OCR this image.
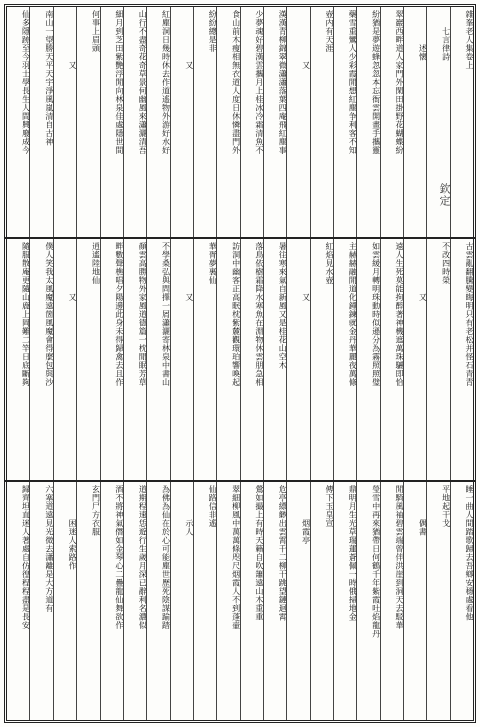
雜峯老人集卷上
七言律詩
述懷
翠巖西畔道人家門外閑田掛野花蝴蝶紛
紛猶是夢遊蜂忽忽本忘衙雲開畫手攜靈
藥雪重鸞人少彩霞閒想紅塵争利客不知
壺内有天涯
又
漢漢青柳錦翠微瀟瀟落葉四庵飛紅塵事
少夢魂好碧漢雲攜月上桂冰冷霜清魚不
食山前木瘦相無衣道人度日休憐盡門外
紛紛總是非
又
紅塵洞日幾時休去作道遙物外游好水好
山行不盡奇花奇草景何幽風來瀟灑清吾
細月到芝田紫艷浮閒向林泉佳處隱世間
何事上眉頭
又
南山一望勝天平天宇淨風嵐清自古神
仙多隱跡至今羽士學長生人間興廢成今
古雲亂翻騰變晦明只有老松并怪石青青
不改四時榮
又
遠人生死莫能拘醉著神機遮萬珠驪即恰
如雲緩月轉明珠動時似遜分為霧照照璧
主赫赫融閒道化鐘鍊就金丹華麗夜萬條
紅焰見水壺
又
暑往寒來氣自新風又是桂花山空木
落鳥依樹霜降水寒魚在淵物休雲朋急相
訪洞中幽客正高眠枕紫麓觀環珀響喚起
華胥夢裏仙
又
不學桑弘與問擇一屑瀟灑寄林泉中書山
顏雲高勝物外家風道德篇一枕閒眠芳草
畔數聲樵唱夕陽邊此身未得歸禽去且作
逍遙陸地仙
又
僕人笑我太風魔遠箇風魔會得麼包與沙
隨服散庵更隨山鹿上岡難二竿日底斷夠
睡一曲人間踏歌歸去吾鄉安穩處看他
平地起干戈
偶書
閒騎風袖碧雲端曾伴洪崖到洞天去駁華
瑩雪中再來猶帶日何鶴千年紫霞吐焰龍丹
鼎明月生光草瑞蓮蒼佩一時俄掃地金
傳下玉皇宣
烟霞亭
危亭縹緲出雲霄千二柳干跳望鏈迴霄
鶯如撮上有時天籟自吹簫遠山木重重
翠細柳風中萬萬條咫尺烟霞人不到蓬壷
仙路信非遙
示人
為佛為仙在於心可能塵世歷死陰謀踰踏
道期程速恁遊行生歲月深已辭利名濃似
酒不將神氣僭如金琴心二疊龍仙舞欲作
玄門尸方衣服
困迷人索路作
六塞道遠見光微去瀟離是大方道有
歸齊坦直迷人著處自仿徨程程盡是長安
欽定
